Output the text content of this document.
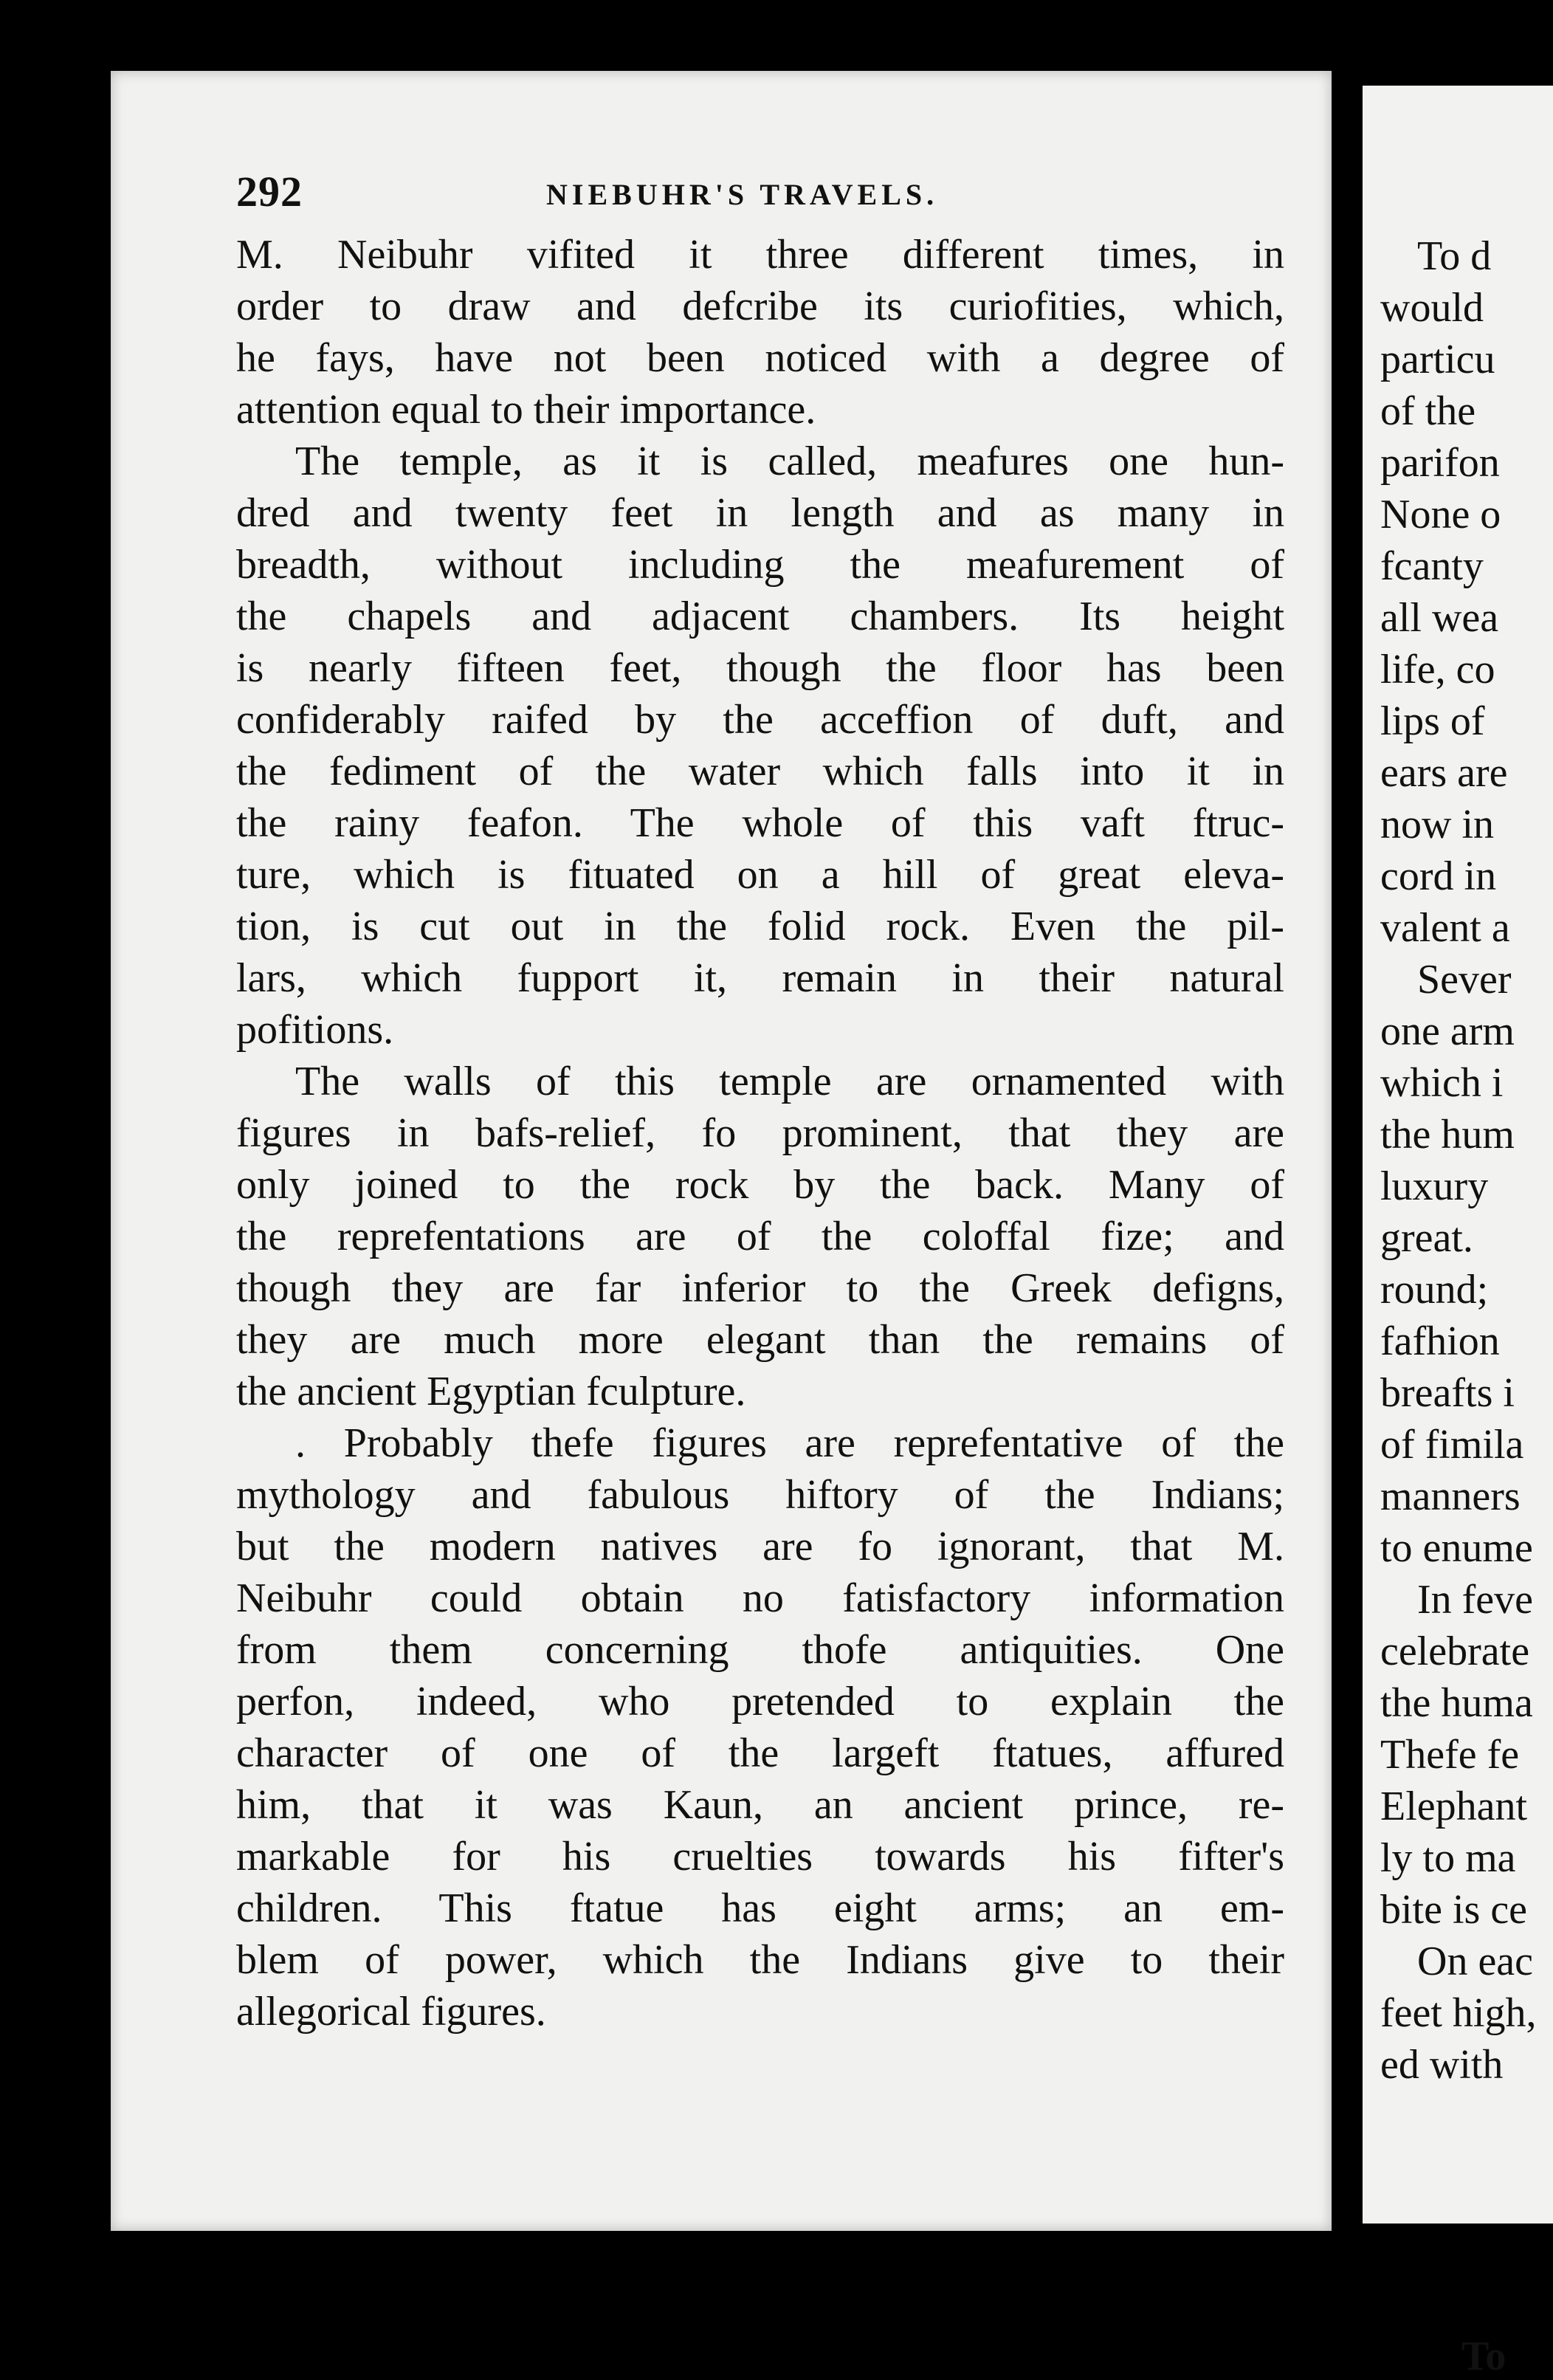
292	NIEBUHR'S TRAVELS.
M. Neibuhr vifited it three different times, in
order to draw and defcribe its curiofities, which,
he fays, have not been noticed with a degree of
attention equal to their importance.
The temple, as it is called, meafures one hun-
dred and twenty feet in length and as many in
breadth, without including the meafurement of
the chapels and adjacent chambers. Its height
is nearly fifteen feet, though the floor has been
confiderably raifed by the acceffion of duft, and
the fediment of the water which falls into it in
the rainy feafon. The whole of this vaft ftruc-
ture, which is fituated on a hill of great eleva-
tion, is cut out in the folid rock. Even the pil-
lars, which fupport it, remain in their natural
pofitions.
The walls of this temple are ornamented with
figures in bafs-relief, fo prominent, that they are
only joined to the rock by the back. Many of
the reprefentations are of the coloffal fize; and
though they are far inferior to the Greek defigns,
they are much more elegant than the remains of
the ancient Egyptian fculpture.
. Probably thefe figures are reprefentative of the
mythology and fabulous hiftory of the Indians;
but the modern natives are fo ignorant, that M.
Neibuhr could obtain no fatisfactory information
from them concerning thofe antiquities. One
perfon, indeed, who pretended to explain the
character of one of the largeft ftatues, affured
him, that it was Kaun, an ancient prince, re-
markable for his cruelties towards his fifter's
children. This ftatue has eight arms; an em-
blem of power, which the Indians give to their
allegorical figures.
To
To d
would
particu
of the
parifon
None o
fcanty
all wea
life, co
lips of
ears are
now in
cord in
valent a
Sever
one arm
which i
the hum
luxury
great.
round;
fafhion
breafts i
of fimila
manners
to enume
In feve
celebrate
the huma
Thefe fe
Elephant
ly to ma
bite is ce
On eac
feet high,
ed with
